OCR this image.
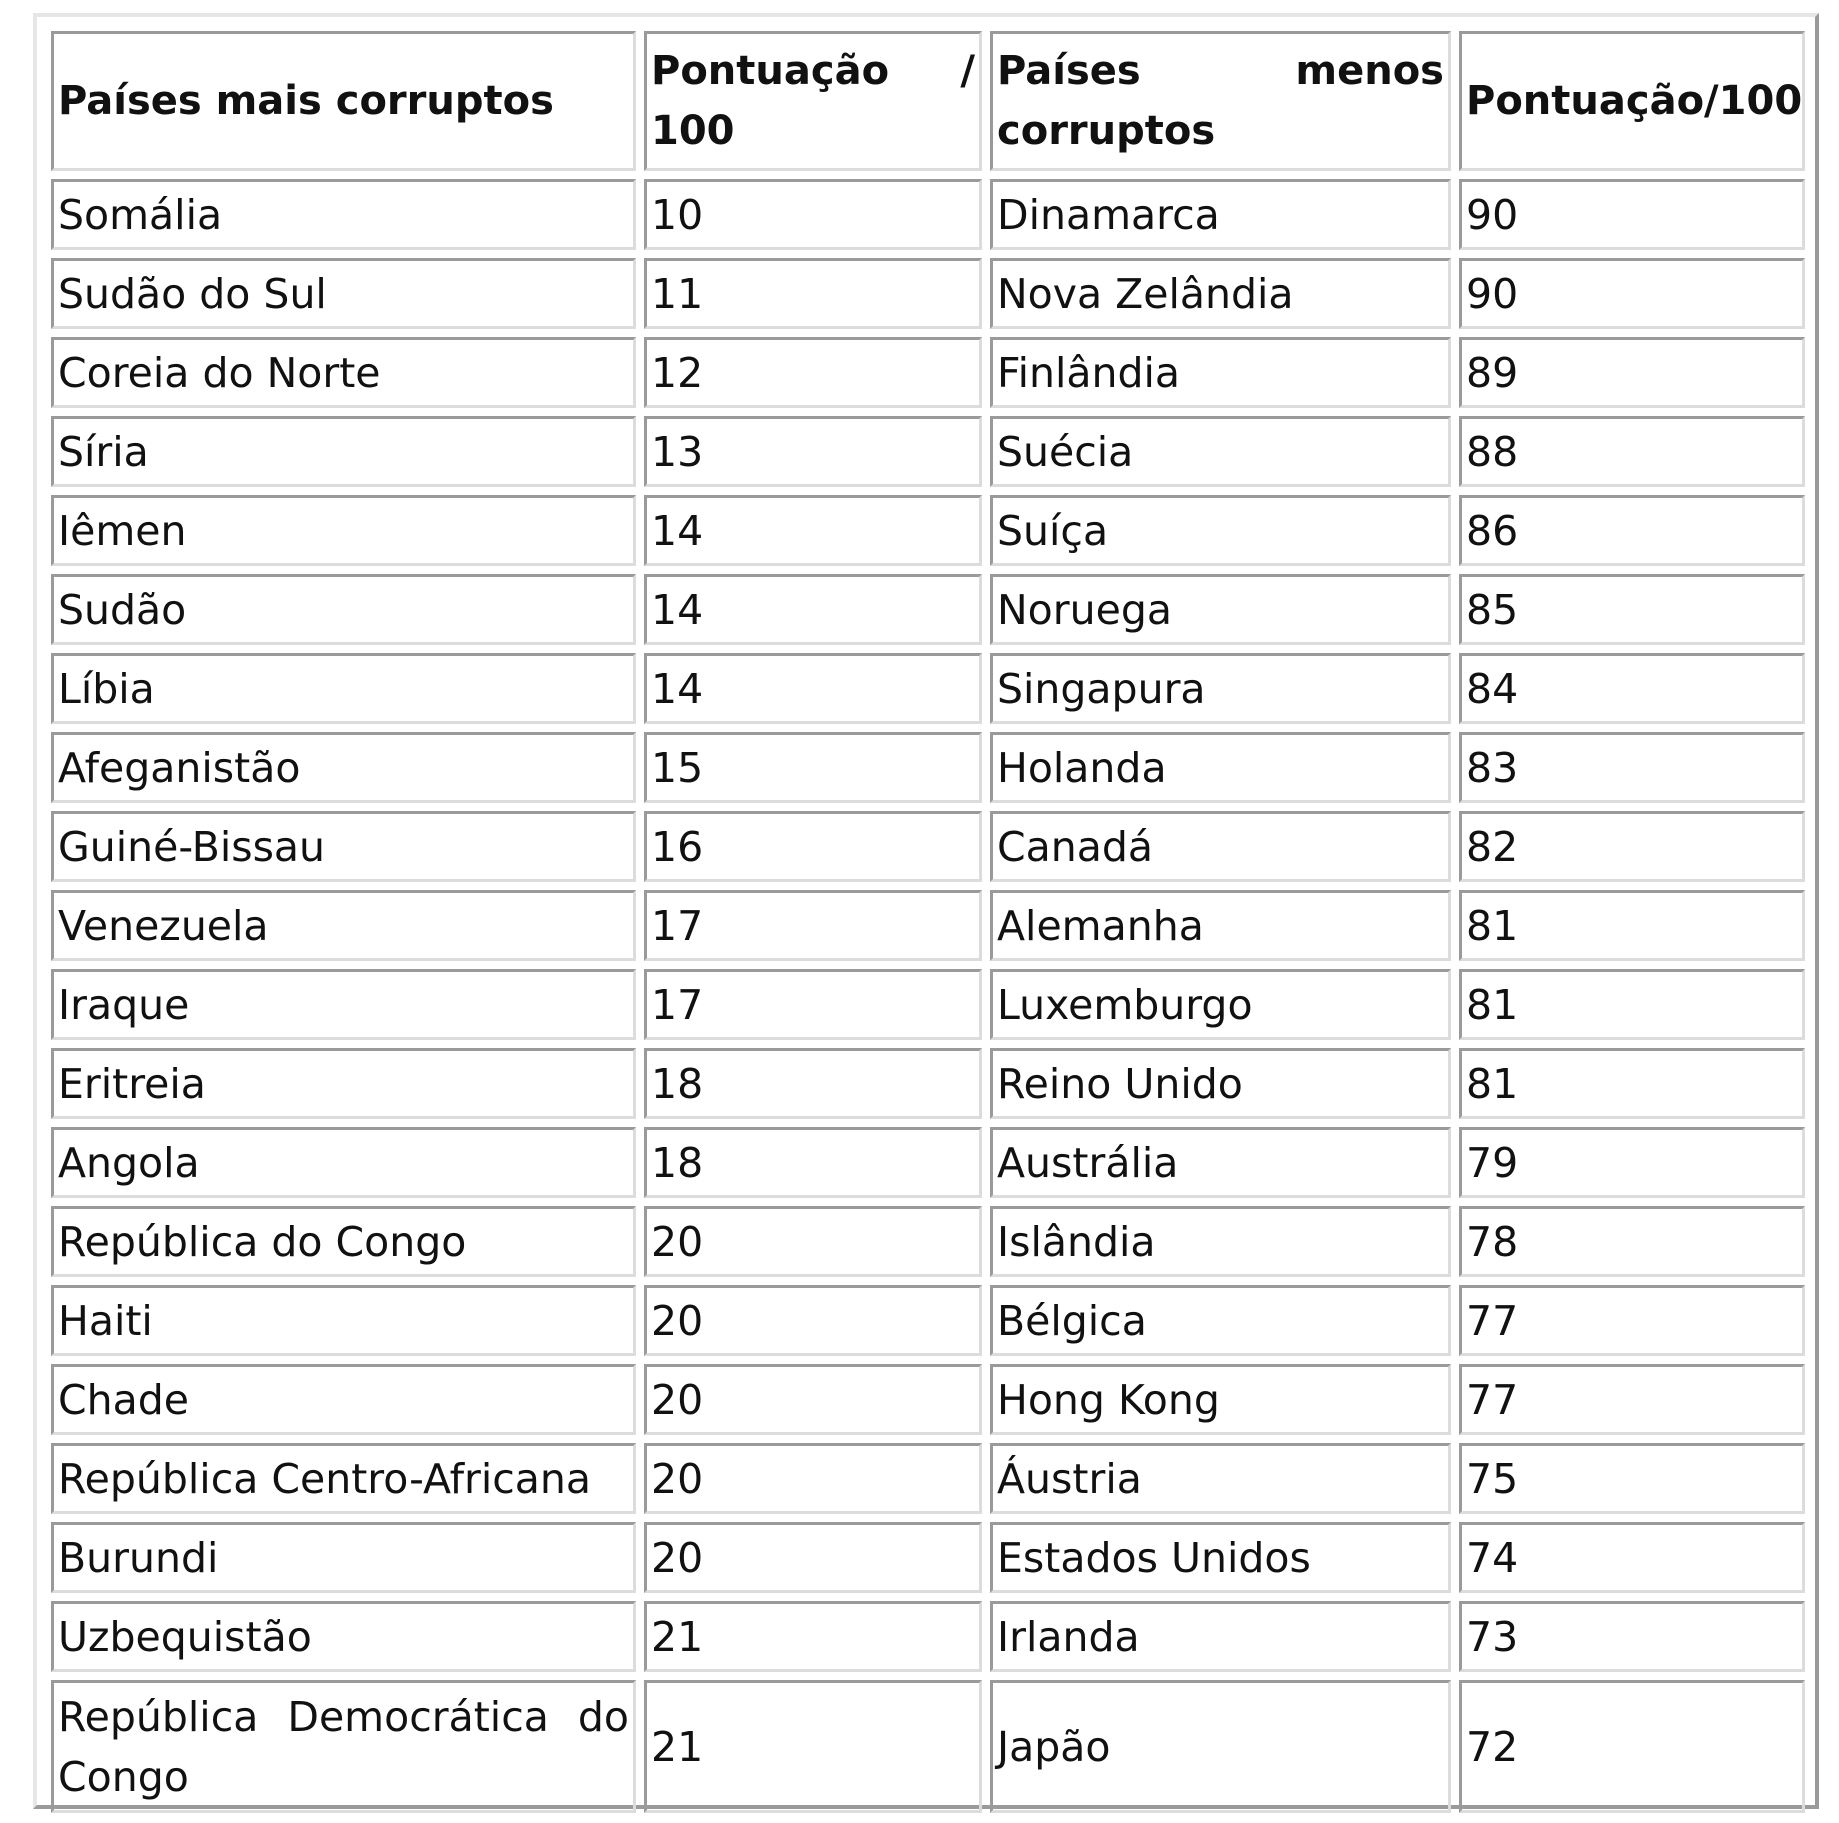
Países mais corruptos	Pontuação / 100	Países menos corruptos	Pontuação/100
Somália	10	Dinamarca	90
Sudão do Sul	11	Nova Zelândia	90
Coreia do Norte	12	Finlândia	89
Síria	13	Suécia	88
Iêmen	14	Suíça	86
Sudão	14	Noruega	85
Líbia	14	Singapura	84
Afeganistão	15	Holanda	83
Guiné-Bissau	16	Canadá	82
Venezuela	17	Alemanha	81
Iraque	17	Luxemburgo	81
Eritreia	18	Reino Unido	81
Angola	18	Austrália	79
República do Congo	20	Islândia	78
Haiti	20	Bélgica	77
Chade	20	Hong Kong	77
República Centro-Africana	20	Áustria	75
Burundi	20	Estados Unidos	74
Uzbequistão	21	Irlanda	73
República Democrática do Congo	21	Japão	72
